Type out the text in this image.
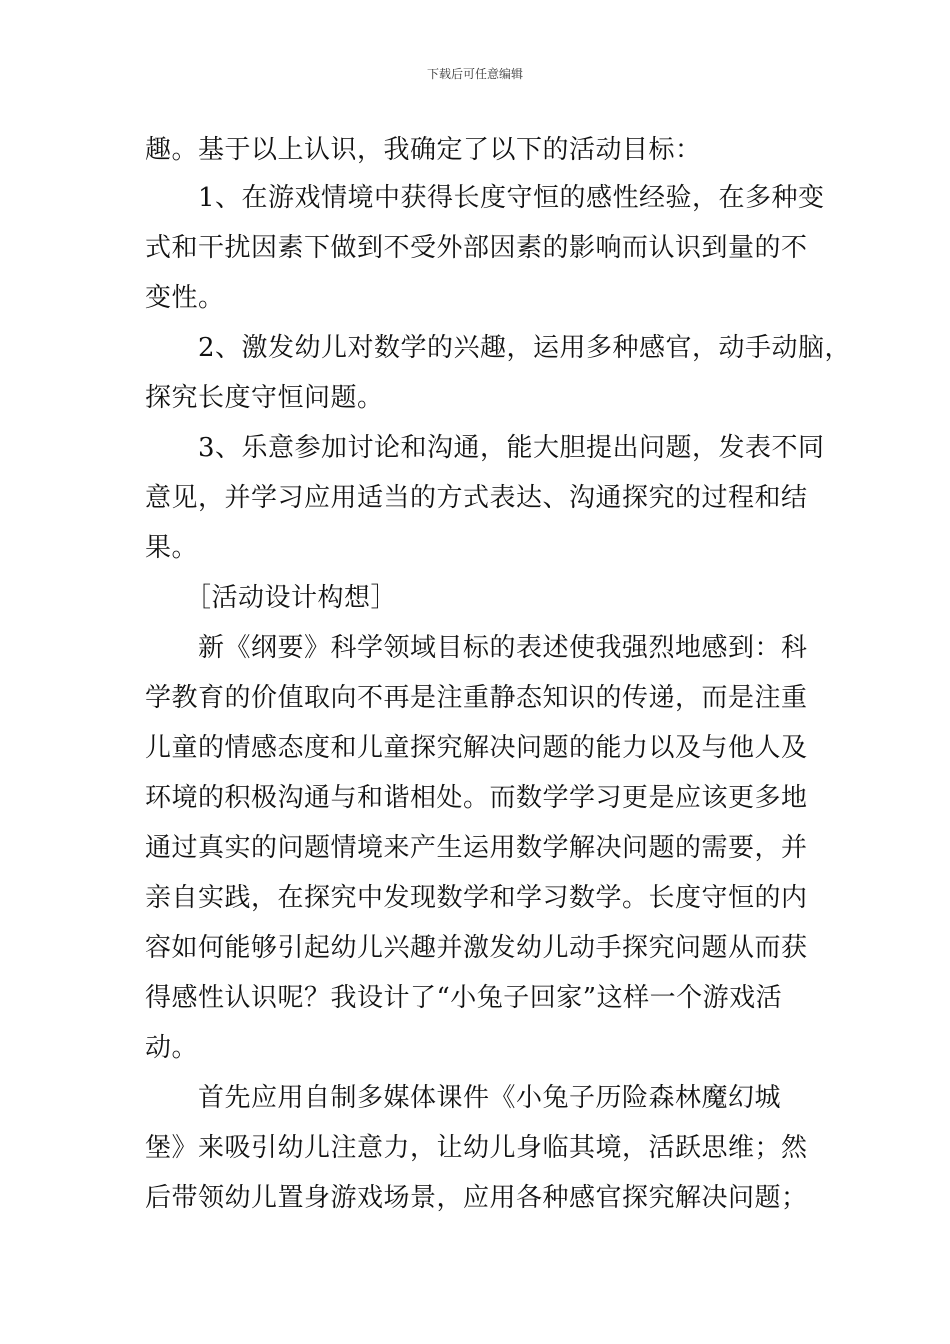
下载后可任意编辑
趣。基于以上认识，我确定了以下的活动目标：
　　1、在游戏情境中获得长度守恒的感性经验，在多种变
式和干扰因素下做到不受外部因素的影响而认识到量的不
变性。
　　2、激发幼儿对数学的兴趣，运用多种感官，动手动脑，
探究长度守恒问题。
　　3、乐意参加讨论和沟通，能大胆提出问题，发表不同
意见，并学习应用适当的方式表达、沟通探究的过程和结
果。
　　［活动设计构想］
　　新《纲要》科学领域目标的表述使我强烈地感到：科
学教育的价值取向不再是注重静态知识的传递，而是注重
儿童的情感态度和儿童探究解决问题的能力以及与他人及
环境的积极沟通与和谐相处。而数学学习更是应该更多地
通过真实的问题情境来产生运用数学解决问题的需要，并
亲自实践，在探究中发现数学和学习数学。长度守恒的内
容如何能够引起幼儿兴趣并激发幼儿动手探究问题从而获
得感性认识呢？我设计了“小兔子回家”这样一个游戏活
动。
　　首先应用自制多媒体课件《小兔子历险森林魔幻城
堡》来吸引幼儿注意力，让幼儿身临其境，活跃思维；然
后带领幼儿置身游戏场景，应用各种感官探究解决问题；
